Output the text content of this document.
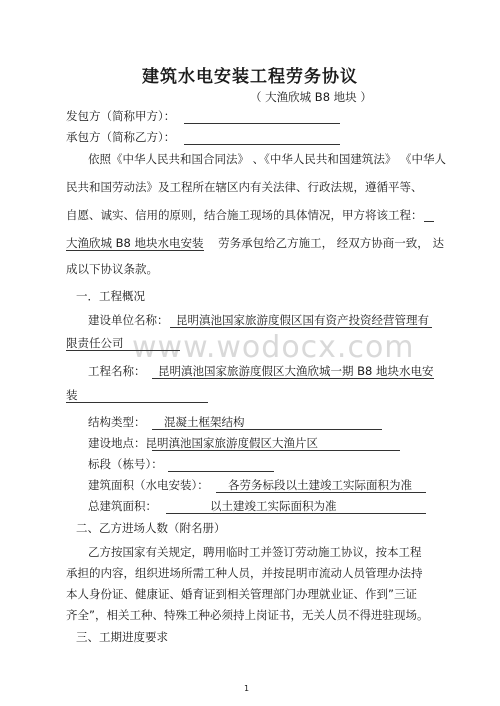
www.wodocx.com
建筑水电安装工程劳务协议
（ 大渔欣城 B8 地块 ）
发包方（简称甲方）：
承包方（简称乙方）：
依照《中华人民共和国合同法》 、《中华人民共和国建筑法》 《中华人
民共和国劳动法》及工程所在辖区内有关法律、行政法规，遵循平等、
自愿、诚实、信用的原则，结合施工现场的具体情况，甲方将该工程：
大渔欣城 B8 地块水电安装 劳务承包给乙方施工， 经双方协商一致， 达
成以下协议条款。
一．工程概况
建设单位名称： 昆明滇池国家旅游度假区国有资产投资经营管理有
限责任公司
工程名称： 昆明滇池国家旅游度假区大渔欣城一期 B8 地块水电安
装
结构类型： 混凝土框架结构
建设地点：昆明滇池国家旅游度假区大渔片区
标段（栋号）：
建筑面积（水电安装）： 各劳务标段以土建竣工实际面积为准
总建筑面积：	以土建竣工实际面积为准
二、乙方进场人数（附名册）
乙方按国家有关规定，聘用临时工并签订劳动施工协议，按本工程
承担的内容，组织进场所需工种人员，并按昆明市流动人员管理办法持
本人身份证、健康证、婚育证到相关管理部门办理就业证、作到”三证
齐全”，相关工种、特殊工种必须持上岗证书，无关人员不得进驻现场。
三、工期进度要求
1
